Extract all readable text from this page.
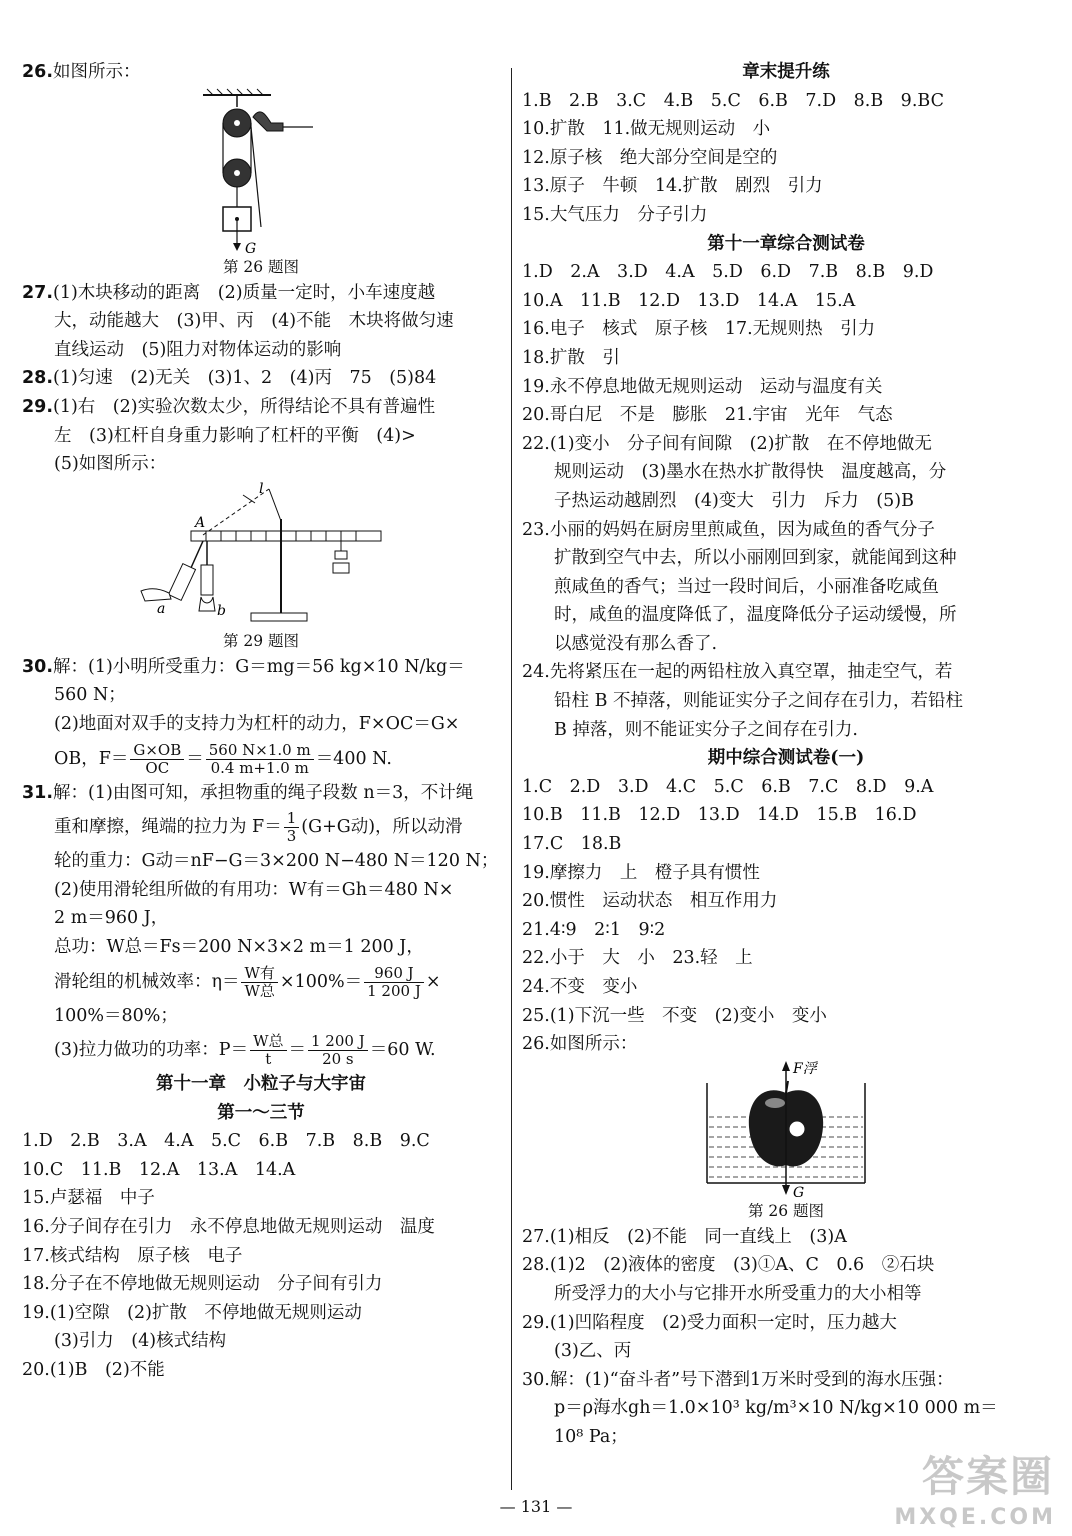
26.如图所示：
G
第 26 题图
27.(1)木块移动的距离　(2)质量一定时，小车速度越
大，动能越大　(3)甲、丙　(4)不能　木块将做匀速
直线运动　(5)阻力对物体运动的影响
28.(1)匀速　(2)无关　(3)1、2　(4)丙　75　(5)84
29.(1)右　(2)实验次数太少，所得结论不具有普遍性
左　(3)杠杆自身重力影响了杠杆的平衡　(4)>
(5)如图所示：
l
A
a	b
第 29 题图
30.解：(1)小明所受重力：G＝mg＝56 kg×10 N/kg＝
560 N；
(2)地面对双手的支持力为杠杆的动力，F×OC＝G×
OB，$F= \frac{G\times OB}{OC} = \frac{560 N\times 1.0 m}{0.4 m+1.0 m} =400$ N.
31.解：(1)由图可知，承担物重的绳子段数 n＝3，不计绳
重和摩擦，绳端的拉力为 $F= \frac{1}{3} (G+G$动)，所以动滑
轮的重力：G动＝nF−G＝3×200 N−480 N＝120 N；
(2)使用滑轮组所做的有用功：W有＝Gh＝480 N×
2 m＝960 J，
总功：W总＝Fs＝200 N×3×2 m＝1 200 J，
滑轮组的机械效率：$\eta= \frac{\text{W有}}{\text{W总}} \times 100\%= \frac{960 J}{1 200 J}$ ×
100%＝80%；
(3)拉力做功的功率：$P= \frac{\text{W总}}{t} = \frac{1 200 J}{20 s} =60$ W.
第十一章　小粒子与大宇宙
第一～三节
1.D　2.B　3.A　4.A　5.C　6.B　7.B　8.B　9.C
10.C　11.B　12.A　13.A　14.A
15.卢瑟福　中子
16.分子间存在引力　永不停息地做无规则运动　温度
17.核式结构　原子核　电子
18.分子在不停地做无规则运动　分子间有引力
19.(1)空隙　(2)扩散　不停地做无规则运动
(3)引力　(4)核式结构
20.(1)B　(2)不能
章末提升练
1.B　2.B　3.C　4.B　5.C　6.B　7.D　8.B　9.BC
10.扩散　11.做无规则运动　小
12.原子核　绝大部分空间是空的
13.原子　牛顿　14.扩散　剧烈　引力
15.大气压力　分子引力
第十一章综合测试卷
1.D　2.A　3.D　4.A　5.D　6.D　7.B　8.B　9.D
10.A　11.B　12.D　13.D　14.A　15.A
16.电子　核式　原子核　17.无规则热　引力
18.扩散　引
19.永不停息地做无规则运动　运动与温度有关
20.哥白尼　不是　膨胀　21.宇宙　光年　气态
22.(1)变小　分子间有间隙　(2)扩散　在不停地做无
规则运动　(3)墨水在热水扩散得快　温度越高，分
子热运动越剧烈　(4)变大　引力　斥力　(5)B
23.小丽的妈妈在厨房里煎咸鱼，因为咸鱼的香气分子
扩散到空气中去，所以小丽刚回到家，就能闻到这种
煎咸鱼的香气；当过一段时间后，小丽准备吃咸鱼
时，咸鱼的温度降低了，温度降低分子运动缓慢，所
以感觉没有那么香了.
24.先将紧压在一起的两铅柱放入真空罩，抽走空气，若
铅柱 B 不掉落，则能证实分子之间存在引力，若铅柱
B 掉落，则不能证实分子之间存在引力.
期中综合测试卷(一)
1.C　2.D　3.D　4.C　5.C　6.B　7.C　8.D　9.A
10.B　11.B　12.D　13.D　14.D　15.B　16.D
17.C　18.B
19.摩擦力　上　橙子具有惯性
20.惯性　运动状态　相互作用力
21.4∶9　2∶1　9∶2
22.小于　大　小　23.轻　上
24.不变　变小
25.(1)下沉一些　不变　(2)变小　变小
26.如图所示：
F浮
G
第 26 题图
27.(1)相反　(2)不能　同一直线上　(3)A
28.(1)2　(2)液体的密度　(3)①A、C　0.6　②石块
所受浮力的大小与它排开水所受重力的大小相等
29.(1)凹陷程度　(2)受力面积一定时，压力越大
(3)乙、丙
30.解：(1)“奋斗者”号下潜到1万米时受到的海水压强：
p＝ρ海水gh＝1.0×10³ kg/m³×10 N/kg×10 000 m＝
10⁸ Pa；
— 131 —
答案圈
MXQE.COM
